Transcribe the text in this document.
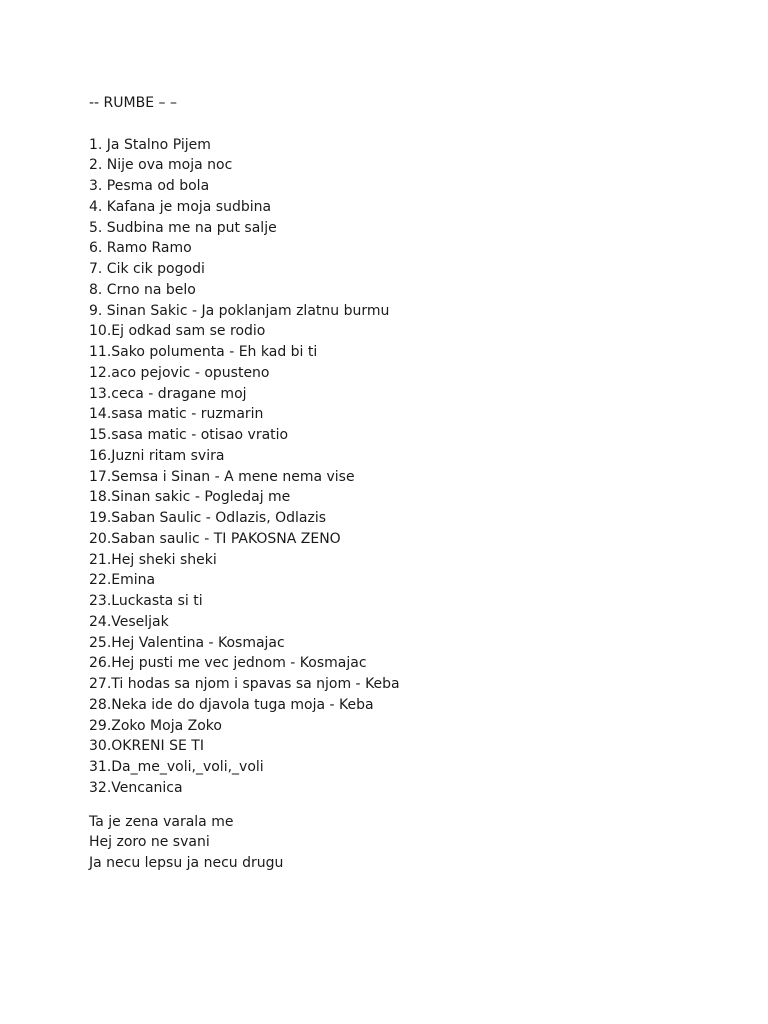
-- RUMBE – –

1. Ja Stalno Pijem
2. Nije ova moja noc
3. Pesma od bola
4. Kafana je moja sudbina
5. Sudbina me na put salje
6. Ramo Ramo
7. Cik cik pogodi
8. Crno na belo
9. Sinan Sakic - Ja poklanjam zlatnu burmu
10.Ej odkad sam se rodio
11.Sako polumenta - Eh kad bi ti
12.aco pejovic - opusteno
13.ceca - dragane moj
14.sasa matic - ruzmarin
15.sasa matic - otisao vratio
16.Juzni ritam svira
17.Semsa i Sinan - A mene nema vise
18.Sinan sakic - Pogledaj me
19.Saban Saulic - Odlazis, Odlazis
20.Saban saulic - TI PAKOSNA ZENO
21.Hej sheki sheki
22.Emina
23.Luckasta si ti
24.Veseljak
25.Hej Valentina - Kosmajac
26.Hej pusti me vec jednom - Kosmajac
27.Ti hodas sa njom i spavas sa njom - Keba
28.Neka ide do djavola tuga moja - Keba
29.Zoko Moja Zoko
30.OKRENI SE TI
31.Da_me_voli,_voli,_voli
32.Vencanica
Ta je zena varala me
Hej zoro ne svani
Ja necu lepsu ja necu drugu
